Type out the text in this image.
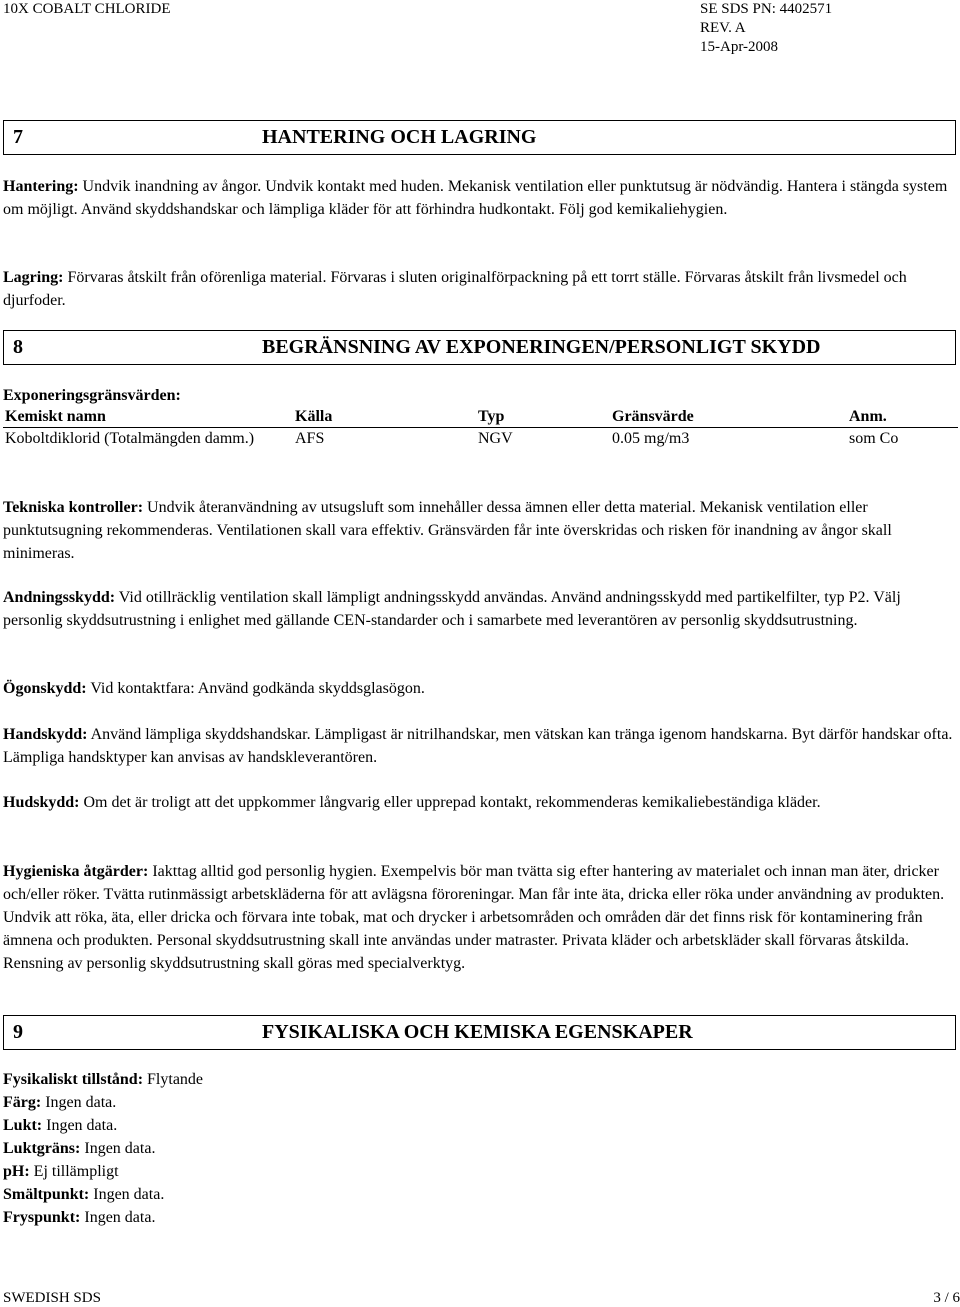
10X COBALT CHLORIDE	SE SDS PN: 4402571
REV. A
15-Apr-2008
7	HANTERING OCH LAGRING
Hantering: Undvik inandning av ångor. Undvik kontakt med huden. Mekanisk ventilation eller punktutsug är nödvändig. Hantera i stängda system om möjligt. Använd skyddshandskar och lämpliga kläder för att förhindra hudkontakt. Följ god kemikaliehygien.
Lagring: Förvaras åtskilt från oförenliga material. Förvaras i sluten originalförpackning på ett torrt ställe. Förvaras åtskilt från livsmedel och djurfoder.
8	BEGRÄNSNING AV EXPONERINGEN/PERSONLIGT SKYDD
Exponeringsgränsvärden:
Kemiskt namn	Källa	Typ	Gränsvärde	Anm.
Koboltdiklorid (Totalmängden damm.)	AFS	NGV	0.05 mg/m3	som Co
Tekniska kontroller: Undvik återanvändning av utsugsluft som innehåller dessa ämnen eller detta material. Mekanisk ventilation eller punktutsugning rekommenderas. Ventilationen skall vara effektiv. Gränsvärden får inte överskridas och risken för inandning av ångor skall minimeras.
Andningsskydd: Vid otillräcklig ventilation skall lämpligt andningsskydd användas. Använd andningsskydd med partikelfilter, typ P2. Välj personlig skyddsutrustning i enlighet med gällande CEN-standarder och i samarbete med leverantören av personlig skyddsutrustning.
Ögonskydd: Vid kontaktfara: Använd godkända skyddsglasögon.
Handskydd: Använd lämpliga skyddshandskar. Lämpligast är nitrilhandskar, men vätskan kan tränga igenom handskarna. Byt därför handskar ofta. Lämpliga handsktyper kan anvisas av handskleverantören.
Hudskydd: Om det är troligt att det uppkommer långvarig eller upprepad kontakt, rekommenderas kemikaliebeständiga kläder.
Hygieniska åtgärder: Iakttag alltid god personlig hygien. Exempelvis bör man tvätta sig efter hantering av materialet och innan man äter, dricker och/eller röker. Tvätta rutinmässigt arbetskläderna för att avlägsna föroreningar. Man får inte äta, dricka eller röka under användning av produkten. Undvik att röka, äta, eller dricka och förvara inte tobak, mat och drycker i arbetsområden och områden där det finns risk för kontaminering från ämnena och produkten. Personal skyddsutrustning skall inte användas under matraster. Privata kläder och arbetskläder skall förvaras åtskilda. Rensning av personlig skyddsutrustning skall göras med specialverktyg.
9	FYSIKALISKA OCH KEMISKA EGENSKAPER
Fysikaliskt tillstånd: Flytande
Färg: Ingen data.
Lukt: Ingen data.
Luktgräns: Ingen data.
pH: Ej tillämpligt
Smältpunkt: Ingen data.
Fryspunkt: Ingen data.
SWEDISH SDS	3 / 6
